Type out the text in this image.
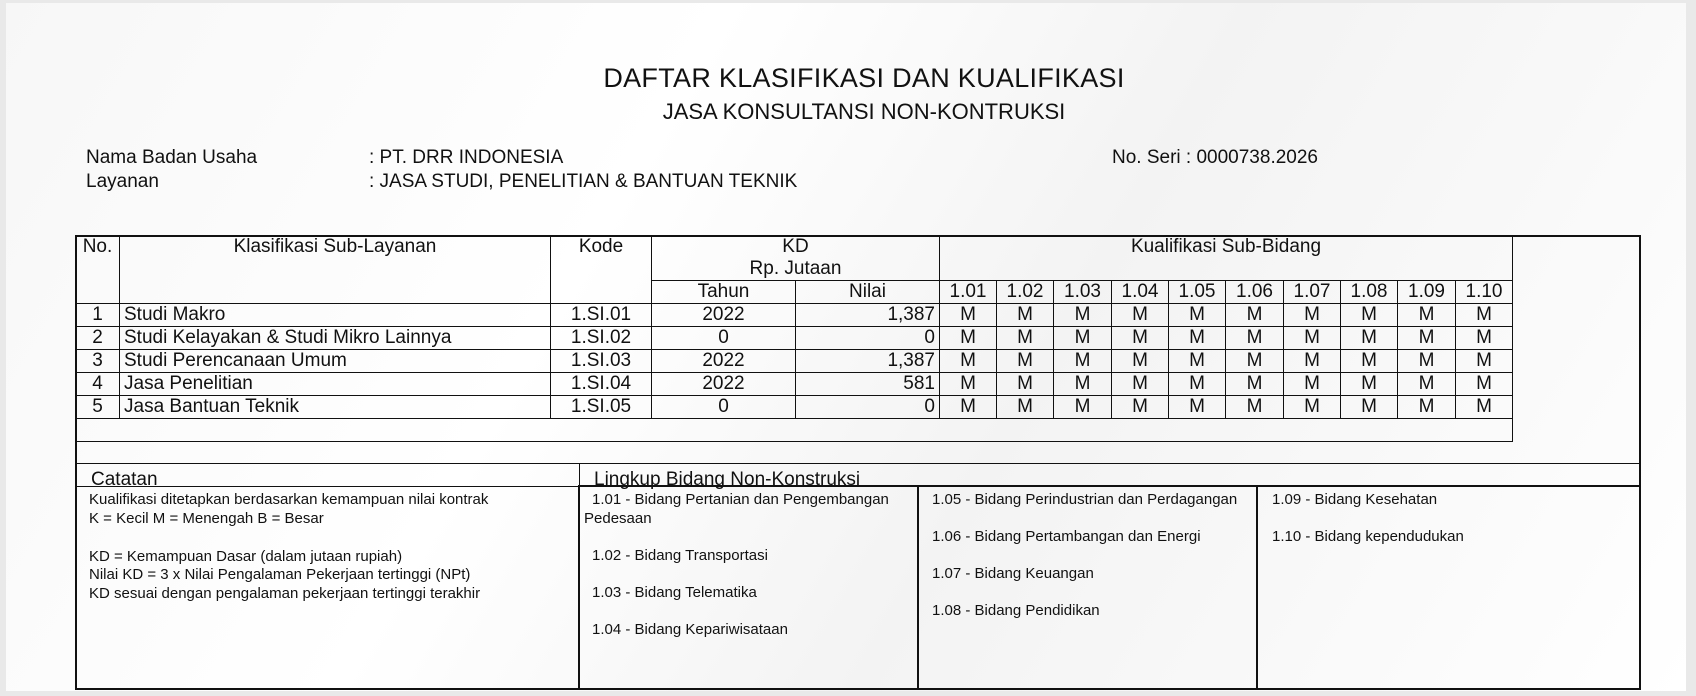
DAFTAR KLASIFIKASI DAN KUALIFIKASI
JASA KONSULTANSI NON-KONTRUKSI
Nama Badan Usaha	: PT. DRR INDONESIA
Layanan	: JASA STUDI, PENELITIAN & BANTUAN TEKNIK
No. Seri : 0000738.2026
No.	Klasifikasi Sub-Layanan	Kode	KD		Kualifikasi Sub-Bidang									
			Rp. Jutaan											
			Tahun	Nilai	1.01	1.02	1.03	1.04	1.05	1.06	1.07	1.08	1.09	1.10
1	Studi Makro	1.SI.01	2022	1,387	M	M	M	M	M	M	M	M	M	M
2	Studi Kelayakan & Studi Mikro Lainnya	1.SI.02	0	0	M	M	M	M	M	M	M	M	M	M
3	Studi Perencanaan Umum	1.SI.03	2022	1,387	M	M	M	M	M	M	M	M	M	M
4	Jasa Penelitian	1.SI.04	2022	581	M	M	M	M	M	M	M	M	M	M
5	Jasa Bantuan Teknik	1.SI.05	0	0	M	M	M	M	M	M	M	M	M	M

Catatan	Lingkup Bidang Non-Konstruksi
Kualifikasi ditetapkan berdasarkan kemampuan nilai kontrak
K = Kecil M = Menengah B = Besar
KD = Kemampuan Dasar (dalam jutaan rupiah)
Nilai KD = 3 x Nilai Pengalaman Pekerjaan tertinggi (NPt)
KD sesuai dengan pengalaman pekerjaan tertinggi terakhir
1.01 - Bidang Pertanian dan Pengembangan
Pedesaan
1.02 - Bidang Transportasi
1.03 - Bidang Telematika
1.04 - Bidang Kepariwisataan
1.05 - Bidang Perindustrian dan Perdagangan
1.06 - Bidang Pertambangan dan Energi
1.07 - Bidang Keuangan
1.08 - Bidang Pendidikan
1.09 - Bidang Kesehatan
1.10 - Bidang kependudukan
